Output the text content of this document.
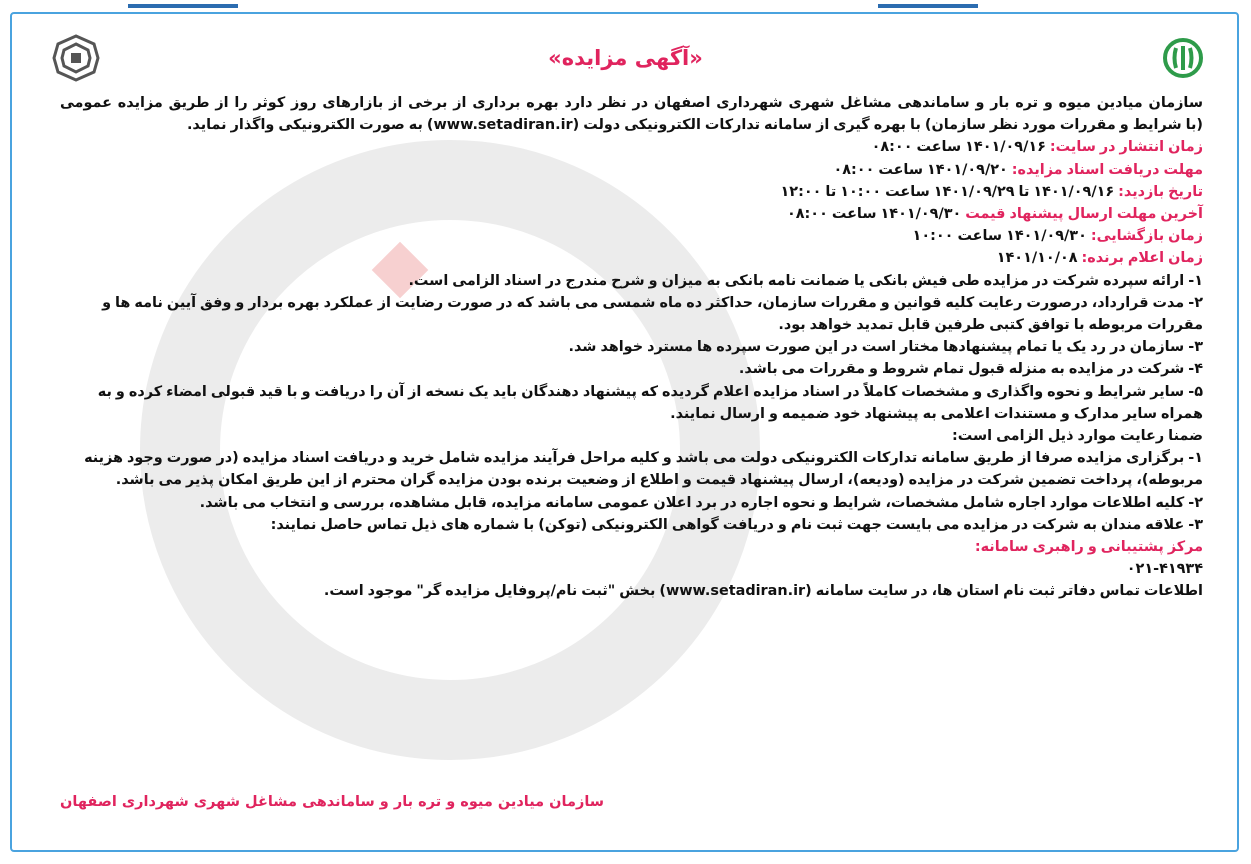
«آگهی مزایده»

سازمان میادین میوه و تره بار و ساماندهی مشاغل شهری شهرداری اصفهان در نظر دارد بهره برداری از برخی از بازارهای روز کوثر را از طریق مزایده عمومی

(با شرایط و مقررات مورد نظر سازمان) با بهره گیری از سامانه تدارکات الکترونیکی دولت (www.setadiran.ir) به صورت الکترونیکی واگذار نماید.

زمان انتشار در سایت: ۱۴۰۱/۰۹/۱۶ ساعت ۰۸:۰۰

مهلت دریافت اسناد مزایده: ۱۴۰۱/۰۹/۲۰ ساعت ۰۸:۰۰

تاریخ بازدید: ۱۴۰۱/۰۹/۱۶ تا ۱۴۰۱/۰۹/۲۹ ساعت ۱۰:۰۰ تا ۱۲:۰۰

آخرین مهلت ارسال پیشنهاد قیمت ۱۴۰۱/۰۹/۳۰ ساعت ۰۸:۰۰

زمان بازگشایی: ۱۴۰۱/۰۹/۳۰ ساعت ۱۰:۰۰

زمان اعلام برنده: ۱۴۰۱/۱۰/۰۸

۱- ارائه سپرده شرکت در مزایده طی فیش بانکی یا ضمانت نامه بانکی به میزان و شرح مندرج در اسناد الزامی است.

۲- مدت قرارداد، درصورت رعایت کلیه قوانین و مقررات سازمان، حداکثر ده ماه شمسی می باشد که در صورت رضایت از عملکرد بهره بردار و وفق آیین نامه ها و مقررات مربوطه با توافق کتبی طرفین قابل تمدید خواهد بود.

۳- سازمان در رد یک یا تمام پیشنهادها مختار است در این صورت سپرده ها مسترد خواهد شد.

۴- شرکت در مزایده به منزله قبول تمام شروط و مقررات می باشد.

۵- سایر شرایط و نحوه واگذاری و مشخصات کاملاً در اسناد مزایده اعلام گردیده که پیشنهاد دهندگان باید یک نسخه از آن را دریافت و با قید قبولی امضاء کرده و به همراه سایر مدارک و مستندات اعلامی به پیشنهاد خود ضمیمه و ارسال نمایند.

ضمنا رعایت موارد ذیل الزامی است:

۱- برگزاری مزایده صرفا از طریق سامانه تدارکات الکترونیکی دولت می باشد و کلیه مراحل فرآیند مزایده شامل خرید و دریافت اسناد مزایده (در صورت وجود هزینه مربوطه)، پرداخت تضمین شرکت در مزایده (ودیعه)، ارسال پیشنهاد قیمت و اطلاع از وضعیت برنده بودن مزایده گران محترم از این طریق امکان پذیر می باشد.

۲- کلیه اطلاعات موارد اجاره شامل مشخصات، شرایط و نحوه اجاره در برد اعلان عمومی سامانه مزایده، قابل مشاهده، بررسی و انتخاب می باشد.

۳- علاقه مندان به شرکت در مزایده می بایست جهت ثبت نام و دریافت گواهی الکترونیکی (توکن) با شماره های ذیل تماس حاصل نمایند:

مرکز پشتیبانی و راهبری سامانه:

۰۲۱-۴۱۹۳۴

اطلاعات تماس دفاتر ثبت نام استان ها، در سایت سامانه (www.setadiran.ir) بخش "ثبت نام/پروفایل مزایده گر" موجود است.

سازمان میادین میوه و تره بار و ساماندهی مشاغل شهری شهرداری اصفهان
